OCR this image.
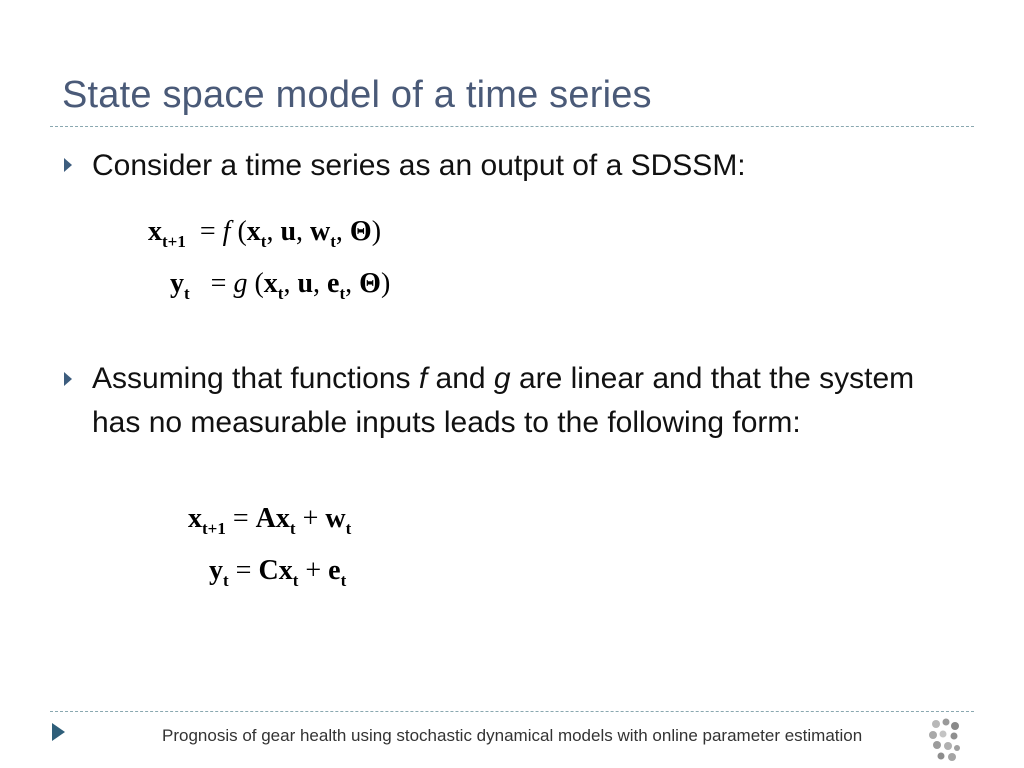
State space model of a time series
Consider a time series as an output of a SDSSM:
$x_{t+1} = f$ ($x_t$, u, $w_t$, Θ)
$y_t = g$ ($x_t$, u, $e_t$, Θ)
Assuming that functions f and g are linear and that the system has no measurable inputs leads to the following form:
$x_{t+1} = Ax_t + w_t$
$y_t = Cx_t + e_t$
Prognosis of gear health using stochastic dynamical models with online parameter estimation
